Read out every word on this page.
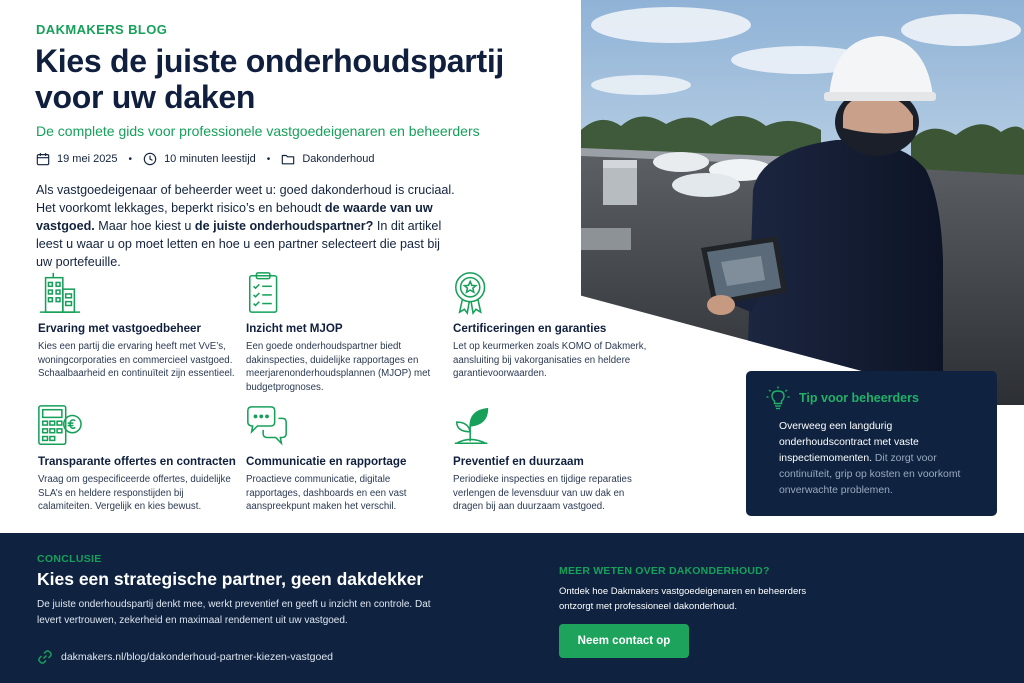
DAKMAKERS BLOG
Kies de juiste onderhoudspartij voor uw daken
De complete gids voor professionele vastgoedeigenaren en beheerders
19 mei 2025 •	10 minuten leestijd •	Dakonderhoud

Als vastgoedeigenaar of beheerder weet u: goed dakonderhoud is cruciaal. Het voorkomt lekkages, beperkt risico’s en behoudt de waarde van uw vastgoed. Maar hoe kiest u de juiste onderhoudspartner? In dit artikel leest u waar u op moet letten en hoe u een partner selecteert die past bij uw portefeuille.

Ervaring met vastgoedbeheer
Kies een partij die ervaring heeft met VvE’s, woningcorporaties en commercieel vastgoed. Schaalbaarheid en continuïteit zijn essentieel.
Inzicht met MJOP
Een goede onderhoudspartner biedt dakinspecties, duidelijke rapportages en meerjarenonderhoudsplannen (MJOP) met budgetprognoses.
Certificeringen en garanties
Let op keurmerken zoals KOMO of Dakmerk, aansluiting bij vakorganisaties en heldere garantievoorwaarden.
Transparante offertes en contracten
Vraag om gespecificeerde offertes, duidelijke SLA’s en heldere responstijden bij calamiteiten. Vergelijk en kies bewust.
Communicatie en rapportage
Proactieve communicatie, digitale rapportages, dashboards en een vast aanspreekpunt maken het verschil.
Preventief en duurzaam
Periodieke inspecties en tijdige reparaties verlengen de levensduur van uw dak en dragen bij aan duurzaam vastgoed.
Tip voor beheerders

Overweeg een langdurig onderhoudscontract met vaste inspectiemomenten. Dit zorgt voor continuïteit, grip op kosten en voorkomt onverwachte problemen.

CONCLUSIE
Kies een strategische partner, geen dakdekker

De juiste onderhoudspartij denkt mee, werkt preventief en geeft u inzicht en controle. Dat levert vertrouwen, zekerheid en maximaal rendement uit uw vastgoed.

dakmakers.nl/blog/dakonderhoud-partner-kiezen-vastgoed
MEER WETEN OVER DAKONDERHOUD?

Ontdek hoe Dakmakers vastgoedeigenaren en beheerders ontzorgt met professioneel dakonderhoud.

Neem contact op
